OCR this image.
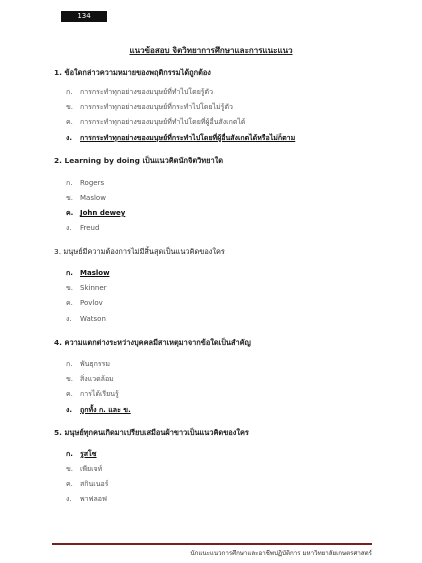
134
แนวข้อสอบ จิตวิทยาการศึกษาและการแนะแนว
1. ข้อใดกล่าวความหมายของพฤติกรรมได้ถูกต้อง
ก. การกระทำทุกอย่างของมนุษย์ที่ทำไปโดยรู้ตัว
ข. การกระทำทุกอย่างของมนุษย์ที่กระทำไปโดยไม่รู้ตัว
ค. การกระทำทุกอย่างของมนุษย์ที่ทำไปโดยที่ผู้อื่นสังเกตได้
ง. การกระทำทุกอย่างของมนุษย์ที่กระทำไปโดยที่ผู้อื่นสังเกตได้หรือไม่ก็ตาม
2. Learning by doing เป็นแนวคิดนักจิตวิทยาใด
ก. Rogers
ข. Maslow
ค. John dewey
ง. Freud
3. มนุษย์มีความต้องการไม่มีสิ้นสุดเป็นแนวคิดของใคร
ก. Maslow
ข. Skinner
ค. Povlov
ง. Watson
4. ความแตกต่างระหว่างบุคคลมีสาเหตุมาจากข้อใดเป็นสำคัญ
ก. พันธุกรรม
ข. สิ่งแวดล้อม
ค. การได้เรียนรู้
ง. ถูกทั้ง ก. และ ข.
5. มนุษย์ทุกคนเกิดมาเปรียบเสมือนผ้าขาวเป็นแนวคิดของใคร
ก. รูสโซ
ข. เพียเจท์
ค. สกินเนอร์
ง. พาฟลอฟ
นักแนะแนวการศึกษาและอาชีพปฏิบัติการ มหาวิทยาลัยเกษตรศาสตร์
